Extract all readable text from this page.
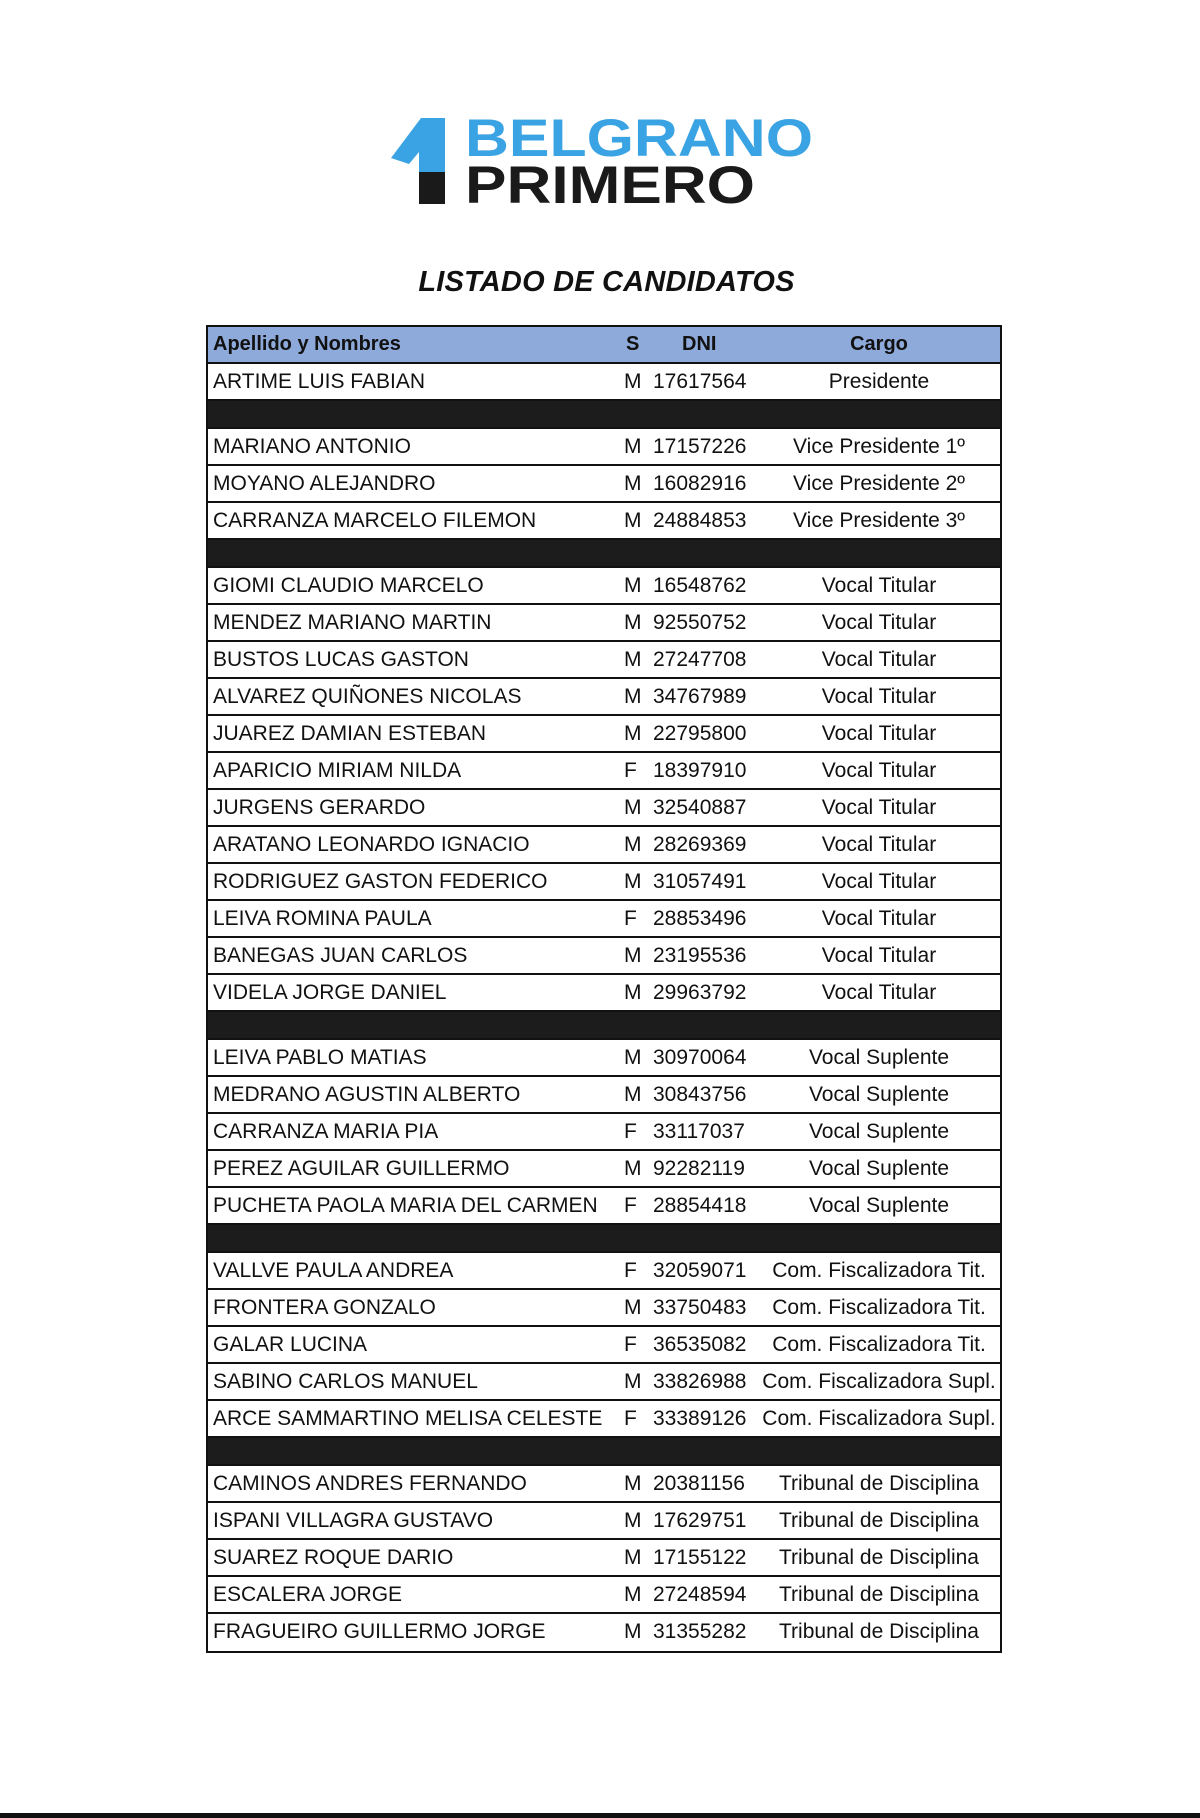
BELGRANO
PRIMERO
LISTADO DE CANDIDATOS
Apellido y Nombres	S DNI	Cargo
ARTIME LUIS FABIAN	M 17617564	Presidente
MARIANO ANTONIO	M 17157226	Vice Presidente 1º
MOYANO ALEJANDRO	M 16082916	Vice Presidente 2º
CARRANZA MARCELO FILEMON	M 24884853	Vice Presidente 3º
GIOMI CLAUDIO MARCELO	M 16548762	Vocal Titular
MENDEZ MARIANO MARTIN	M 92550752	Vocal Titular
BUSTOS LUCAS GASTON	M 27247708	Vocal Titular
ALVAREZ QUIÑONES NICOLAS	M 34767989	Vocal Titular
JUAREZ DAMIAN ESTEBAN	M 22795800	Vocal Titular
APARICIO MIRIAM NILDA	F 18397910	Vocal Titular
JURGENS GERARDO	M 32540887	Vocal Titular
ARATANO LEONARDO IGNACIO	M 28269369	Vocal Titular
RODRIGUEZ GASTON FEDERICO	M 31057491	Vocal Titular
LEIVA ROMINA PAULA	F 28853496	Vocal Titular
BANEGAS JUAN CARLOS	M 23195536	Vocal Titular
VIDELA JORGE DANIEL	M 29963792	Vocal Titular
LEIVA PABLO MATIAS	M 30970064	Vocal Suplente
MEDRANO AGUSTIN ALBERTO	M 30843756	Vocal Suplente
CARRANZA MARIA PIA	F 33117037	Vocal Suplente
PEREZ AGUILAR GUILLERMO	M 92282119	Vocal Suplente
PUCHETA PAOLA MARIA DEL CARMEN F 28854418	Vocal Suplente
VALLVE PAULA ANDREA	F 32059071	Com. Fiscalizadora Tit.
FRONTERA GONZALO	M 33750483	Com. Fiscalizadora Tit.
GALAR LUCINA	F 36535082	Com. Fiscalizadora Tit.
SABINO CARLOS MANUEL	M 33826988 Com. Fiscalizadora Supl.
ARCE SAMMARTINO MELISA CELESTE F 33389126 Com. Fiscalizadora Supl.
CAMINOS ANDRES FERNANDO	M 20381156	Tribunal de Disciplina
ISPANI VILLAGRA GUSTAVO	M 17629751	Tribunal de Disciplina
SUAREZ ROQUE DARIO	M 17155122	Tribunal de Disciplina
ESCALERA JORGE	M 27248594	Tribunal de Disciplina
FRAGUEIRO GUILLERMO JORGE	M 31355282	Tribunal de Disciplina
